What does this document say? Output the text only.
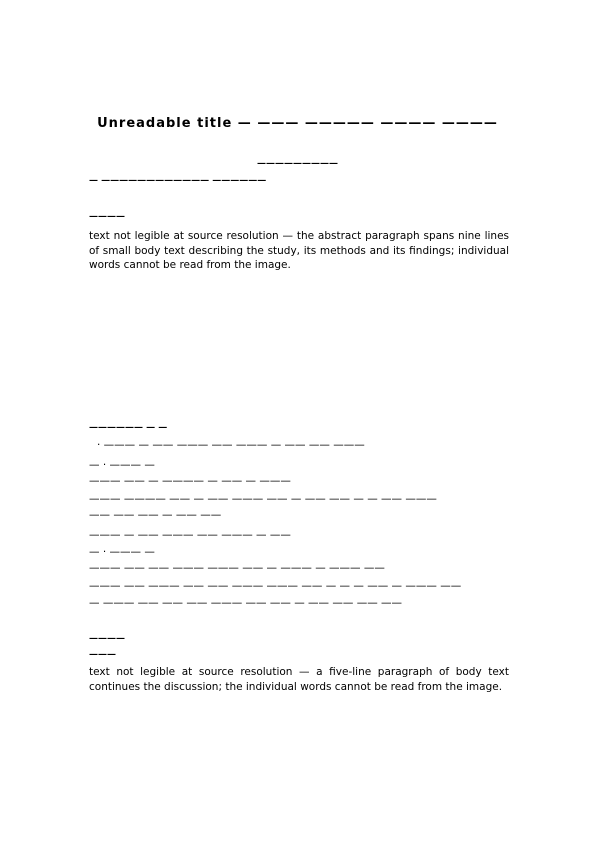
Unreadable title — ——— ————— ———— ————
—————————
— ———————————— ——————
————
text not legible at source resolution — the abstract paragraph spans nine lines of small body text describing the study, its methods and its findings; individual words cannot be read from the image.
—————— — —
· ——— — —— ——— —— ——— — —— —— ———
— · ——— —
——— —— — ———— — —— — ———
——— ———— —— — —— ——— —— — —— —— — — —— ———
—— —— —— — —— ——
——— — —— ——— —— ——— — ——
— · ——— —
——— —— —— ——— ——— —— — ——— — ——— ——
——— —— ——— —— —— ——— ——— —— — — — —— — ——— ——
— ——— —— —— —— ——— —— —— — —— —— —— ——
————
———
text not legible at source resolution — a five-line paragraph of body text continues the discussion; the individual words cannot be read from the image.
